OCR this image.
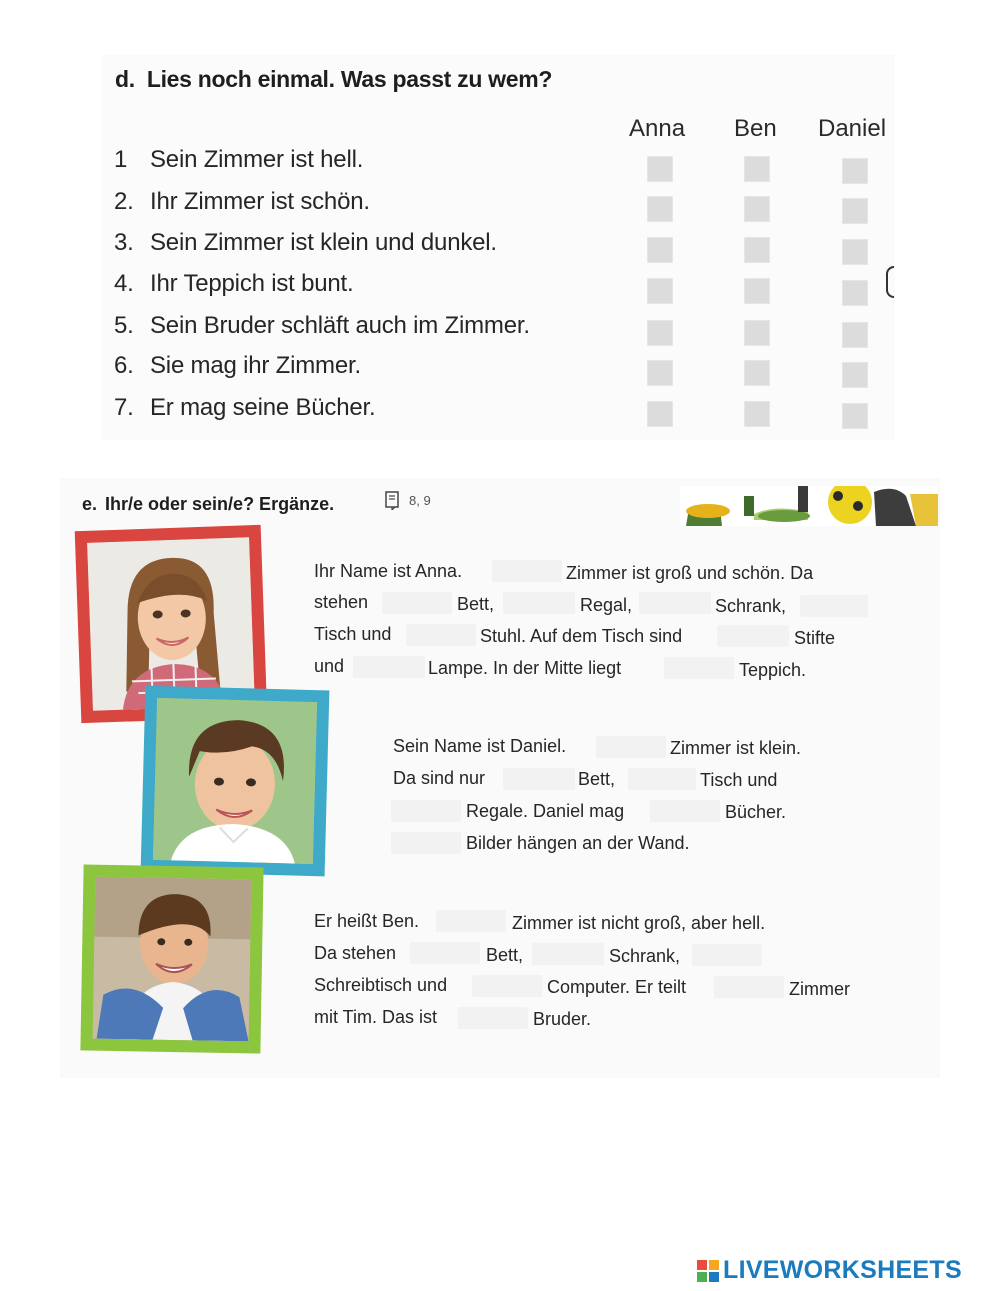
d. Lies noch einmal. Was passt zu wem?
Anna Ben Daniel
1 Sein Zimmer ist hell.
2. Ihr Zimmer ist schön.
3. Sein Zimmer ist klein und dunkel.
4. Ihr Teppich ist bunt.
5. Sein Bruder schläft auch im Zimmer.
6. Sie mag ihr Zimmer.
7. Er mag seine Bücher.
e. Ihr/e oder sein/e? Ergänze.	8, 9
Ihr Name ist Anna.	Zimmer ist groß und schön. Da
stehen	Bett,	Regal,	Schrank,
Tisch und	Stuhl. Auf dem Tisch sind	Stifte
und	Lampe. In der Mitte liegt	Teppich.
Sein Name ist Daniel.	Zimmer ist klein.
Da sind nur	Bett,	Tisch und
Regale. Daniel mag	Bücher.
Bilder hängen an der Wand.
Er heißt Ben.	Zimmer ist nicht groß, aber hell.
Da stehen	Bett,	Schrank,
Schreibtisch und	Computer. Er teilt	Zimmer
mit Tim. Das ist	Bruder.
LIVEWORKSHEETS
